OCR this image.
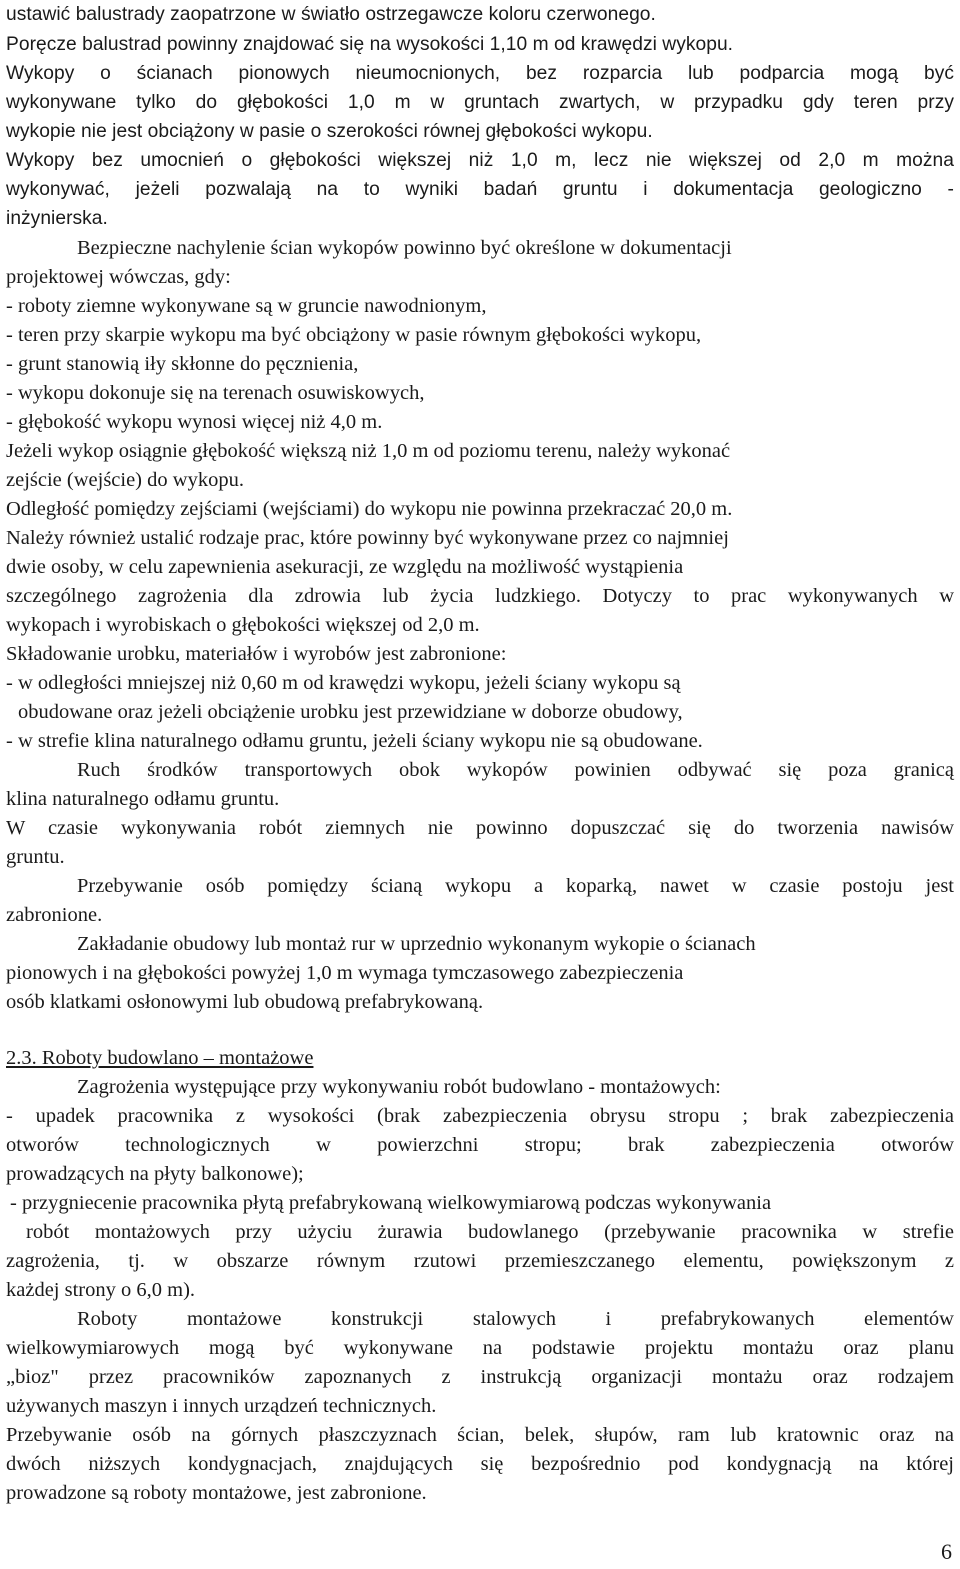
ustawić balustrady zaopatrzone w światło ostrzegawcze koloru czerwonego.
Poręcze balustrad powinny znajdować się na wysokości 1,10 m od krawędzi wykopu.
Wykopy o ścianach pionowych nieumocnionych, bez rozparcia lub podparcia mogą być
wykonywane tylko do głębokości 1,0 m w gruntach zwartych, w przypadku gdy teren przy
wykopie nie jest obciążony w pasie o szerokości równej głębokości wykopu.
Wykopy bez umocnień o głębokości większej niż 1,0 m, lecz nie większej od 2,0 m można
wykonywać, jeżeli pozwalają na to wyniki badań gruntu i dokumentacja geologiczno -
inżynierska.
Bezpieczne nachylenie ścian wykopów powinno być określone w dokumentacji
projektowej wówczas, gdy:
- roboty ziemne wykonywane są w gruncie nawodnionym,
- teren przy skarpie wykopu ma być obciążony w pasie równym głębokości wykopu,
- grunt stanowią iły skłonne do pęcznienia,
- wykopu dokonuje się na terenach osuwiskowych,
- głębokość wykopu wynosi więcej niż 4,0 m.
Jeżeli wykop osiągnie głębokość większą niż 1,0 m od poziomu terenu, należy wykonać
zejście (wejście) do wykopu.
Odległość pomiędzy zejściami (wejściami) do wykopu nie powinna przekraczać 20,0 m.
Należy również ustalić rodzaje prac, które powinny być wykonywane przez co najmniej
dwie osoby, w celu zapewnienia asekuracji, ze względu na możliwość wystąpienia
szczególnego zagrożenia dla zdrowia lub życia ludzkiego. Dotyczy to prac wykonywanych w
wykopach i wyrobiskach o głębokości większej od 2,0 m.
Składowanie urobku, materiałów i wyrobów jest zabronione:
- w odległości mniejszej niż 0,60 m od krawędzi wykopu, jeżeli ściany wykopu są
obudowane oraz jeżeli obciążenie urobku jest przewidziane w doborze obudowy,
- w strefie klina naturalnego odłamu gruntu, jeżeli ściany wykopu nie są obudowane.
Ruch środków transportowych obok wykopów powinien odbywać się poza granicą
klina naturalnego odłamu gruntu.
W czasie wykonywania robót ziemnych nie powinno dopuszczać się do tworzenia nawisów
gruntu.
Przebywanie osób pomiędzy ścianą wykopu a koparką, nawet w czasie postoju jest
zabronione.
Zakładanie obudowy lub montaż rur w uprzednio wykonanym wykopie o ścianach
pionowych i na głębokości powyżej 1,0 m wymaga tymczasowego zabezpieczenia
osób klatkami osłonowymi lub obudową prefabrykowaną.
2.3. Roboty budowlano – montażowe
Zagrożenia występujące przy wykonywaniu robót budowlano - montażowych:
- upadek pracownika z wysokości (brak zabezpieczenia obrysu stropu ; brak zabezpieczenia
otworów technologicznych w powierzchni stropu; brak zabezpieczenia otworów
prowadzących na płyty balkonowe);
- przygniecenie pracownika płytą prefabrykowaną wielkowymiarową podczas wykonywania
robót montażowych przy użyciu żurawia budowlanego (przebywanie pracownika w strefie
zagrożenia, tj. w obszarze równym rzutowi przemieszczanego elementu, powiększonym z
każdej strony o 6,0 m).
Roboty montażowe konstrukcji stalowych i prefabrykowanych elementów
wielkowymiarowych mogą być wykonywane na podstawie projektu montażu oraz planu
„bioz" przez pracowników zapoznanych z instrukcją organizacji montażu oraz rodzajem
używanych maszyn i innych urządzeń technicznych.
Przebywanie osób na górnych płaszczyznach ścian, belek, słupów, ram lub kratownic oraz na
dwóch niższych kondygnacjach, znajdujących się bezpośrednio pod kondygnacją na której
prowadzone są roboty montażowe, jest zabronione.
6
